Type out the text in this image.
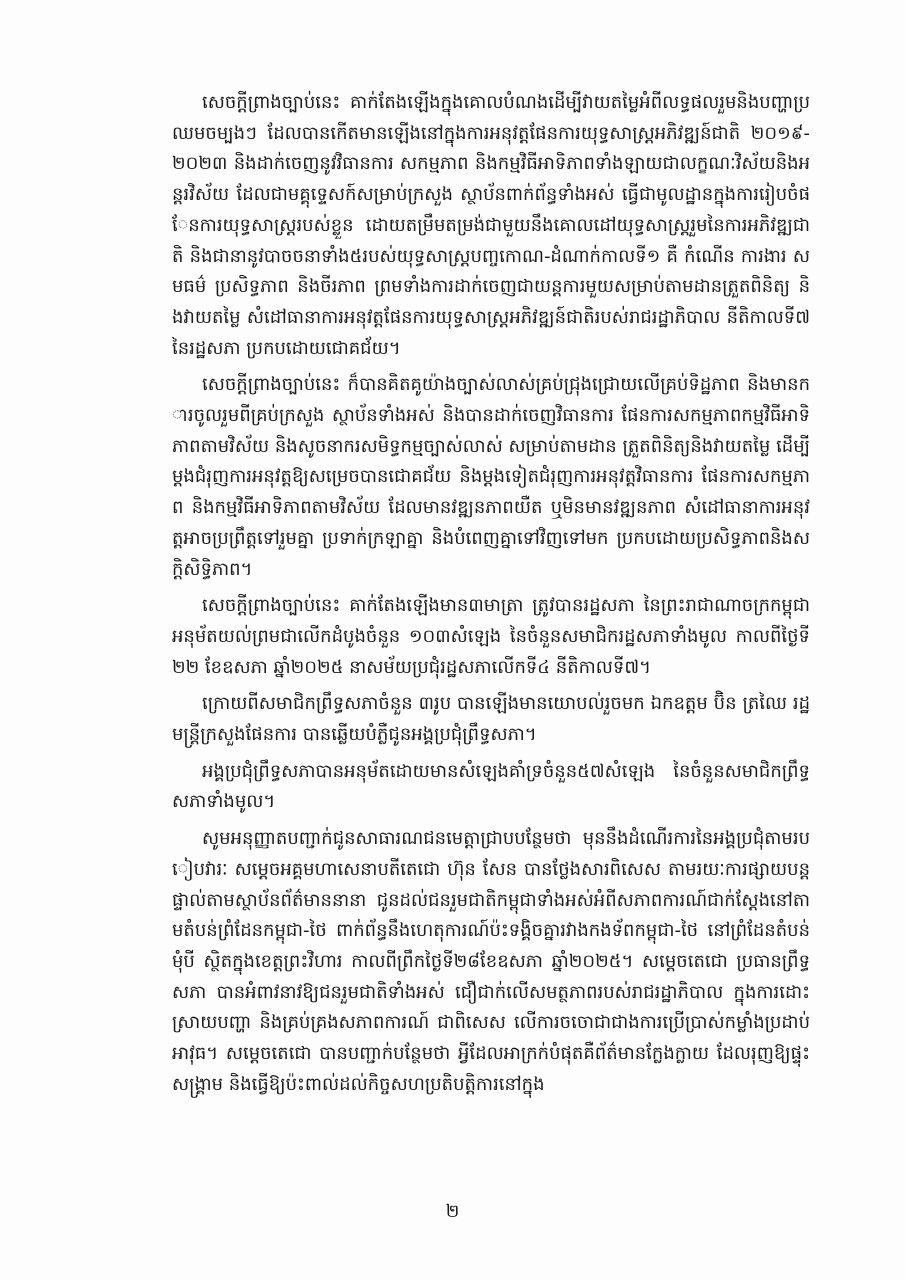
សេចក្តីព្រាងច្បាប់នេះ គាក់តែងឡើងក្នុងគោលបំណងដើម្បីវាយតម្លៃអំពីលទ្ធផលរួមនិងបញ្ហាប្រឈមចម្បងៗ ដែលបានកើតមានឡើងនៅក្នុងការអនុវត្តផែនការយុទ្ធសាស្ត្រអភិវឌ្ឍន៍ជាតិ ២០១៩-២០២៣ និងដាក់ចេញនូវវិធានការ សកម្មភាព និងកម្មវិធីអាទិភាពទាំងឡាយជាលក្ខណៈវិស័យនិងអន្តរវិស័យ ដែលជាមគ្គុទ្ទេសក៍សម្រាប់ក្រសួង ស្ថាប័នពាក់ព័ន្ធទាំងអស់ ធ្វើជាមូលដ្ឋានក្នុងការរៀបចំផែនការយុទ្ធសាស្ត្ររបស់ខ្លួន ដោយតម្រឹមតម្រង់ជាមួយនឹងគោលដៅយុទ្ធសាស្ត្ររួមនៃការអភិវឌ្ឍជាតិ និងជានានូវបាចចនាទាំង៥របស់យុទ្ធសាស្ត្របញ្ចកោណ-ដំណាក់កាលទី១ គឺ កំណើន ការងារ សមធម៌ ប្រសិទ្ធភាព និងចីរភាព ព្រមទាំងការដាក់ចេញជាយន្តការមួយសម្រាប់តាមដានត្រួតពិនិត្យ និងវាយតម្លៃ សំដៅធានាការអនុវត្តផែនការយុទ្ធសាស្ត្រអភិវឌ្ឍន៍ជាតិរបស់រាជរដ្ឋាភិបាល នីតិកាលទី៧ នៃរដ្ឋសភា ប្រកបដោយជោគជ័យ។

សេចក្តីព្រាងច្បាប់នេះ ក៏បានគិតគូយ៉ាងច្បាស់លាស់គ្រប់ជ្រុងជ្រោយលើគ្រប់ទិដ្ឋភាព និងមានការចូលរួមពីគ្រប់ក្រសួង ស្ថាប័នទាំងអស់ និងបានដាក់ចេញវិធានការ ផែនការសកម្មភាពកម្មវិធីអាទិភាពតាមវិស័យ និងសូចនាករសមិទ្ធកម្មច្បាស់លាស់ សម្រាប់តាមដាន ត្រួតពិនិត្យនិងវាយតម្លៃ ដើម្បីម្តងជំរុញការអនុវត្តឱ្យសម្រេចបានជោគជ័យ និងម្តងទៀតជំរុញការអនុវត្តវិធានការ ផែនការសកម្មភាព និងកម្មវិធីអាទិភាពតាមវិស័យ ដែលមានវឌ្ឍនភាពយឺត ឬមិនមានវឌ្ឍនភាព សំដៅធានាការអនុវត្តអាចប្រព្រឹត្តទៅរួមគ្នា ប្រទាក់ក្រឡាគ្នា និងបំពេញគ្នាទៅវិញទៅមក ប្រកបដោយប្រសិទ្ធភាពនិងសក្តិសិទ្ធិភាព។

សេចក្តីព្រាងច្បាប់នេះ គាក់តែងឡើងមាន៣មាត្រា ត្រូវបានរដ្ឋសភា នៃព្រះរាជាណាចក្រកម្ពុជា អនុម័តយល់ព្រមជាលើកដំបូងចំនួន ១០៣សំឡេង នៃចំនួនសមាជិករដ្ឋសភាទាំងមូល កាលពីថ្ងៃទី២២ ខែឧសភា ឆ្នាំ២០២៥ នាសម័យប្រជុំរដ្ឋសភាលើកទី៤ នីតិកាលទី៧។

ក្រោយពីសមាជិកព្រឹទ្ធសភាចំនួន ៣រូប បានឡើងមានយោបល់រួចមក ឯកឧត្តម ប៊ិន ត្រឈៃ រដ្ឋមន្ត្រីក្រសួងផែនការ បានឆ្លើយបំភ្លឺជូនអង្គប្រជុំព្រឹទ្ធសភា។

អង្គប្រជុំព្រឹទ្ធសភាបានអនុម័តដោយមានសំឡេងគាំទ្រចំនួន៥៧សំឡេង នៃចំនួនសមាជិកព្រឹទ្ធសភាទាំងមូល។

សូមអនុញ្ញាតបញ្ជាក់ជូនសាធារណជនមេត្តាជ្រាបបន្ថែមថា មុននឹងដំណើរការនៃអង្គប្រជុំតាមរបៀបវារៈ សម្តេចអគ្គមហាសេនាបតីតេជោ ហ៊ុន សែន បានថ្លែងសារពិសេស តាមរយៈការផ្សាយបន្តផ្ទាល់តាមស្ថាប័នព័ត៌មាននានា ជូនដល់ជនរួមជាតិកម្ពុជាទាំងអស់អំពីសភាពការណ៍ជាក់ស្តែងនៅតាមតំបន់ព្រំដែនកម្ពុជា-ថៃ ពាក់ព័ន្ធនឹងហេតុការណ៍ប៉ះទង្គិចគ្នារវាងកងទ័ពកម្ពុជា-ថៃ នៅព្រំដែនតំបន់មុំបី ស្ថិតក្នុងខេត្តព្រះវិហារ កាលពីព្រឹកថ្ងៃទី២៨ខែឧសភា ឆ្នាំ២០២៥។ សម្តេចតេជោ ប្រធានព្រឹទ្ធសភា បានអំពាវនាវឱ្យជនរួមជាតិទាំងអស់ ជឿជាក់លើសមត្ថភាពរបស់រាជរដ្ឋាភិបាល ក្នុងការដោះស្រាយបញ្ហា និងគ្រប់គ្រងសភាពការណ៍ ជាពិសេស លើការចចោជាជាងការប្រើប្រាស់កម្លាំងប្រដាប់អាវុធ។ សម្តេចតេជោ បានបញ្ជាក់បន្ថែមថា អ្វីដែលអាក្រក់បំផុតគឺព័ត៌មានក្លែងក្លាយ ដែលរុញឱ្យផ្ទុះសង្គ្រាម និងធ្វើឱ្យប៉ះពាល់ដល់កិច្ចសហប្រតិបត្តិការនៅក្នុង

២
